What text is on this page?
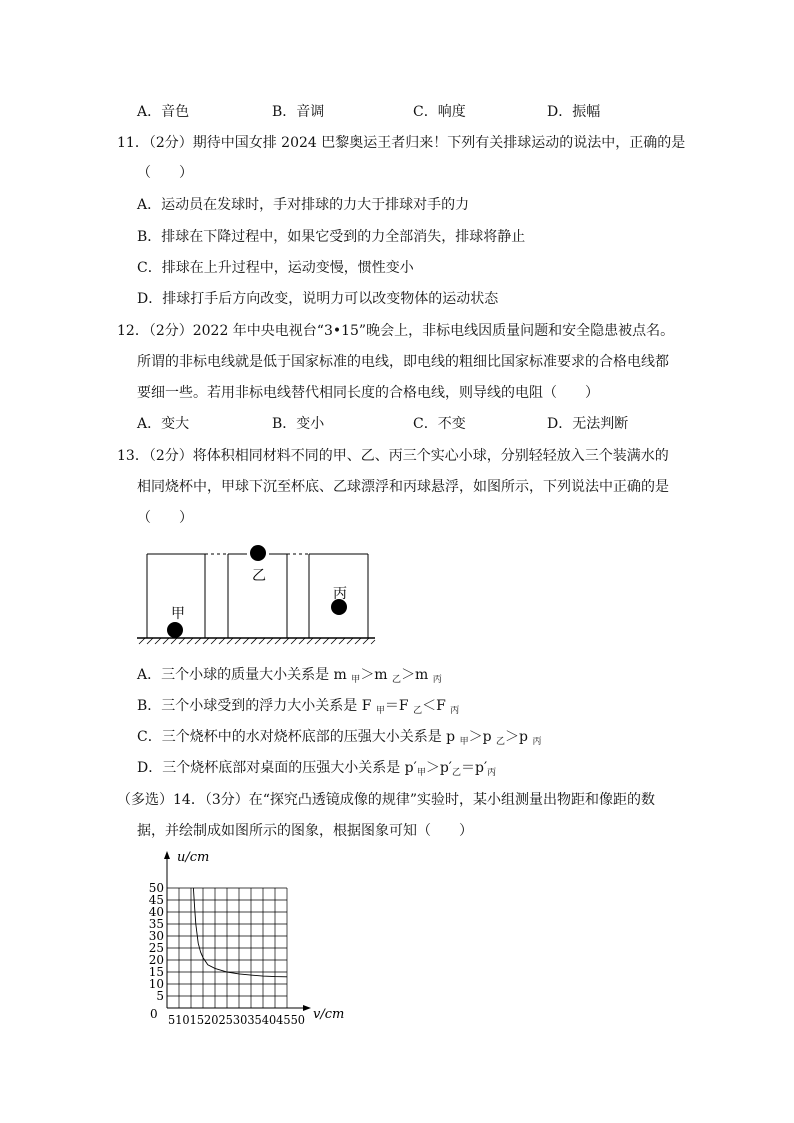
A．音色	B．音调	C．响度	D．振幅
11．（2分）期待中国女排 2024 巴黎奥运王者归来！下列有关排球运动的说法中，正确的是
（　　）
A．运动员在发球时，手对排球的力大于排球对手的力
B．排球在下降过程中，如果它受到的力全部消失，排球将静止
C．排球在上升过程中，运动变慢，惯性变小
D．排球打手后方向改变，说明力可以改变物体的运动状态
12．（2分）2022 年中央电视台“3•15”晚会上，非标电线因质量问题和安全隐患被点名。
所谓的非标电线就是低于国家标准的电线，即电线的粗细比国家标准要求的合格电线都
要细一些。若用非标电线替代相同长度的合格电线，则导线的电阻（　　）
A．变大	B．变小	C．不变	D．无法判断
13．（2分）将体积相同材料不同的甲、乙、丙三个实心小球，分别轻轻放入三个装满水的
相同烧杯中，甲球下沉至杯底、乙球漂浮和丙球悬浮，如图所示，下列说法中正确的是
（　　）
甲
乙
丙
A．三个小球的质量大小关系是 m $_甲$＞m $_乙$＞m $_丙$
B．三个小球受到的浮力大小关系是 F $_甲$＝F $_乙$＜F $_丙$
C．三个烧杯中的水对烧杯底部的压强大小关系是 p $_甲$＞p $_乙$＞p $_丙$
D．三个烧杯底部对桌面的压强大小关系是 $p'_甲>p'_乙=p'_丙$
（多选）14．（3分）在“探究凸透镜成像的规律”实验时，某小组测量出物距和像距的数
据，并绘制成如图所示的图象，根据图象可知（　　）
5
10
15
20
25
30
35
40
45
50
0 5101520253035404550
u/cm
v/cm
